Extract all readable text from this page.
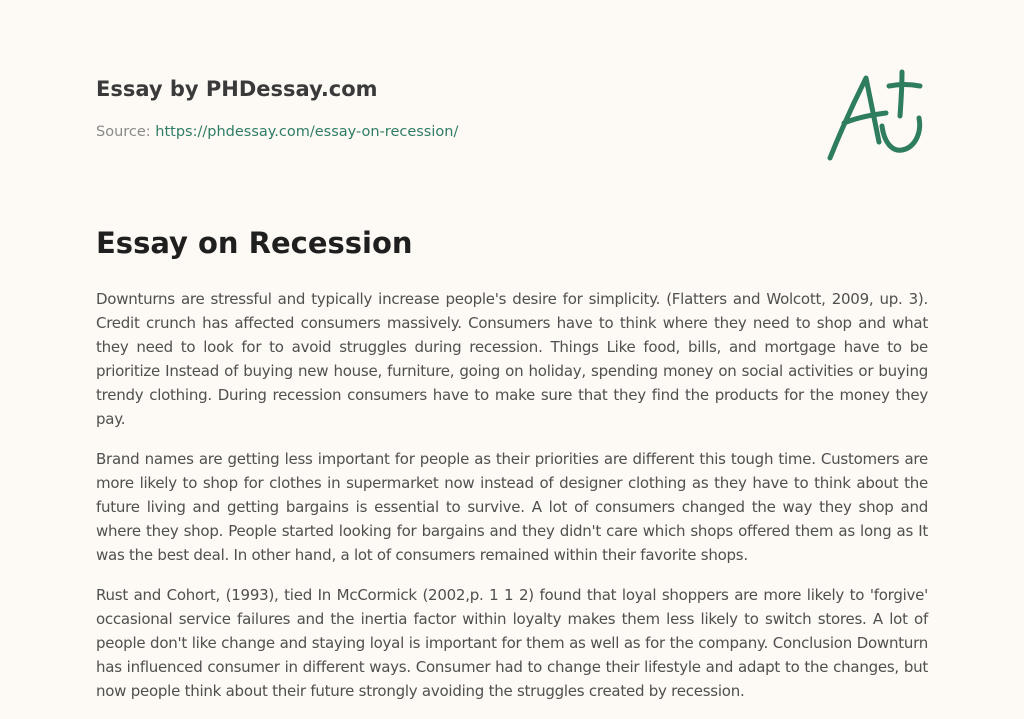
Essay by PHDessay.com
Source: https://phdessay.com/essay-on-recession/
Essay on Recession

Downturns are stressful and typically increase people's desire for simplicity. (Flatters and Wolcott, 2009, up. 3). Credit crunch has affected consumers massively. Consumers have to think where they need to shop and what they need to look for to avoid struggles during recession. Things Like food, bills, and mortgage have to be prioritize Instead of buying new house, furniture, going on holiday, spending money on social activities or buying trendy clothing. During recession consumers have to make sure that they find the products for the money they pay.

Brand names are getting less important for people as their priorities are different this tough time. Customers are more likely to shop for clothes in supermarket now instead of designer clothing as they have to think about the future living and getting bargains is essential to survive. A lot of consumers changed the way they shop and where they shop. People started looking for bargains and they didn't care which shops offered them as long as It was the best deal. In other hand, a lot of consumers remained within their favorite shops.

Rust and Cohort, (1993), tied In McCormick (2002,p. 1 1 2) found that loyal shoppers are more likely to 'forgive' occasional service failures and the inertia factor within loyalty makes them less likely to switch stores. A lot of people don't like change and staying loyal is important for them as well as for the company. Conclusion Downturn has influenced consumer in different ways. Consumer had to change their lifestyle and adapt to the changes, but now people think about their future strongly avoiding the struggles created by recession.
